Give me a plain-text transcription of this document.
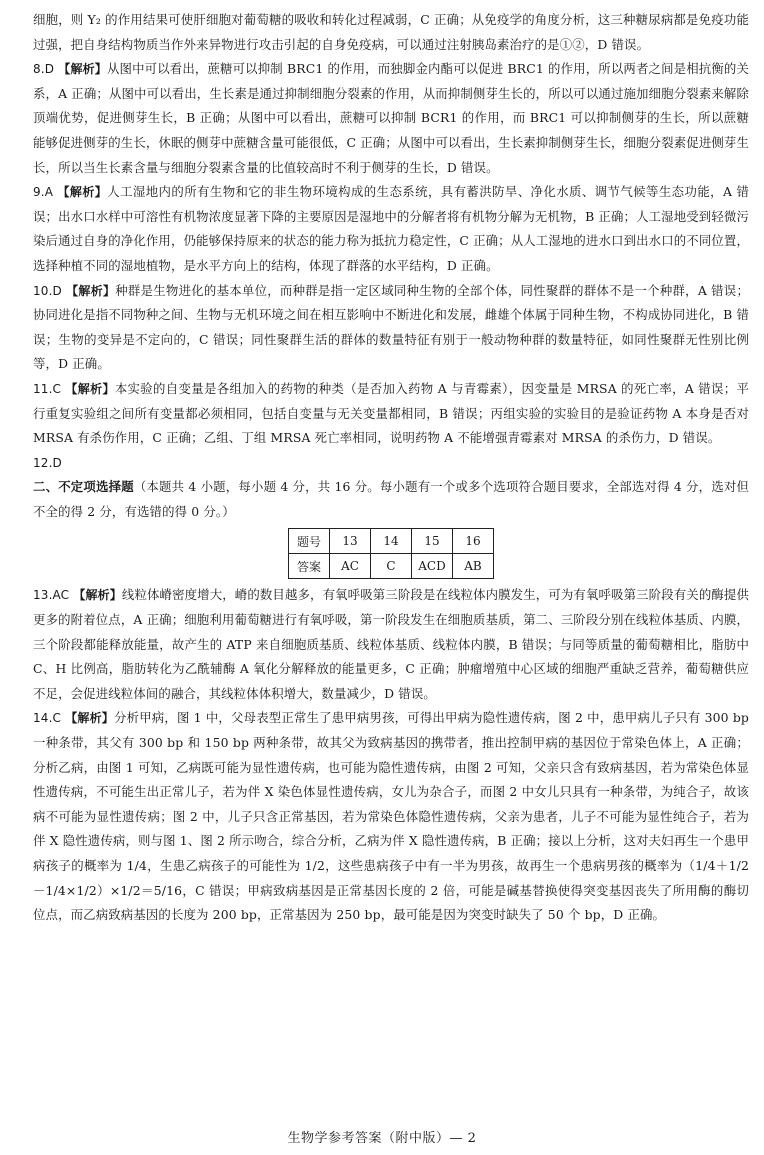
细胞，则 Y₂ 的作用结果可使肝细胞对葡萄糖的吸收和转化过程减弱，C 正确；从免疫学的角度分析，这三种糖尿病都是免疫功能过强，把自身结构物质当作外来异物进行攻击引起的自身免疫病，可以通过注射胰岛素治疗的是①②，D 错误。
8.D 【解析】从图中可以看出，蔗糖可以抑制 BRC1 的作用，而独脚金内酯可以促进 BRC1 的作用，所以两者之间是相抗衡的关系，A 正确；从图中可以看出，生长素是通过抑制细胞分裂素的作用，从而抑制侧芽生长的，所以可以通过施加细胞分裂素来解除顶端优势，促进侧芽生长，B 正确；从图中可以看出，蔗糖可以抑制 BCR1 的作用，而 BRC1 可以抑制侧芽的生长，所以蔗糖能够促进侧芽的生长，休眠的侧芽中蔗糖含量可能很低，C 正确；从图中可以看出，生长素抑制侧芽生长，细胞分裂素促进侧芽生长，所以当生长素含量与细胞分裂素含量的比值较高时不利于侧芽的生长，D 错误。
9.A 【解析】人工湿地内的所有生物和它的非生物环境构成的生态系统，具有蓄洪防旱、净化水质、调节气候等生态功能，A 错误；出水口水样中可溶性有机物浓度显著下降的主要原因是湿地中的分解者将有机物分解为无机物，B 正确；人工湿地受到轻微污染后通过自身的净化作用，仍能够保持原来的状态的能力称为抵抗力稳定性，C 正确；从人工湿地的进水口到出水口的不同位置，选择种植不同的湿地植物，是水平方向上的结构，体现了群落的水平结构，D 正确。
10.D 【解析】种群是生物进化的基本单位，而种群是指一定区域同种生物的全部个体，同性聚群的群体不是一个种群，A 错误；协同进化是指不同物种之间、生物与无机环境之间在相互影响中不断进化和发展，雌雄个体属于同种生物，不构成协同进化，B 错误；生物的变异是不定向的，C 错误；同性聚群生活的群体的数量特征有别于一般动物种群的数量特征，如同性聚群无性别比例等，D 正确。
11.C 【解析】本实验的自变量是各组加入的药物的种类（是否加入药物 A 与青霉素），因变量是 MRSA 的死亡率，A 错误；平行重复实验组之间所有变量都必须相同，包括自变量与无关变量都相同，B 错误；丙组实验的实验目的是验证药物 A 本身是否对 MRSA 有杀伤作用，C 正确；乙组、丁组 MRSA 死亡率相同，说明药物 A 不能增强青霉素对 MRSA 的杀伤力，D 错误。
12.D
二、不定项选择题（本题共 4 小题，每小题 4 分，共 16 分。每小题有一个或多个选项符合题目要求，全部选对得 4 分，选对但不全的得 2 分，有选错的得 0 分。）
题号	13	14	15	16
答案	AC	C	ACD	AB
13.AC 【解析】线粒体嵴密度增大，嵴的数目越多，有氧呼吸第三阶段是在线粒体内膜发生，可为有氧呼吸第三阶段有关的酶提供更多的附着位点，A 正确；细胞利用葡萄糖进行有氧呼吸，第一阶段发生在细胞质基质，第二、三阶段分别在线粒体基质、内膜，三个阶段都能释放能量，故产生的 ATP 来自细胞质基质、线粒体基质、线粒体内膜，B 错误；与同等质量的葡萄糖相比，脂肪中 C、H 比例高，脂肪转化为乙酰辅酶 A 氧化分解释放的能量更多，C 正确；肿瘤增殖中心区域的细胞严重缺乏营养，葡萄糖供应不足，会促进线粒体间的融合，其线粒体体积增大，数量减少，D 错误。
14.C 【解析】分析甲病，图 1 中，父母表型正常生了患甲病男孩，可得出甲病为隐性遗传病，图 2 中，患甲病儿子只有 300 bp 一种条带，其父有 300 bp 和 150 bp 两种条带，故其父为致病基因的携带者，推出控制甲病的基因位于常染色体上，A 正确；分析乙病，由图 1 可知，乙病既可能为显性遗传病，也可能为隐性遗传病，由图 2 可知，父亲只含有致病基因，若为常染色体显性遗传病，不可能生出正常儿子，若为伴 X 染色体显性遗传病，女儿为杂合子，而图 2 中女儿只具有一种条带，为纯合子，故该病不可能为显性遗传病；图 2 中，儿子只含正常基因，若为常染色体隐性遗传病，父亲为患者，儿子不可能为显性纯合子，若为伴 X 隐性遗传病，则与图 1、图 2 所示吻合，综合分析，乙病为伴 X 隐性遗传病，B 正确；接以上分析，这对夫妇再生一个患甲病孩子的概率为 1/4，生患乙病孩子的可能性为 1/2，这些患病孩子中有一半为男孩，故再生一个患病男孩的概率为（1/4＋1/2－1/4×1/2）×1/2＝5/16，C 错误；甲病致病基因是正常基因长度的 2 倍，可能是碱基替换使得突变基因丧失了所用酶的酶切位点，而乙病致病基因的长度为 200 bp，正常基因为 250 bp，最可能是因为突变时缺失了 50 个 bp，D 正确。
生物学参考答案（附中版）— 2
